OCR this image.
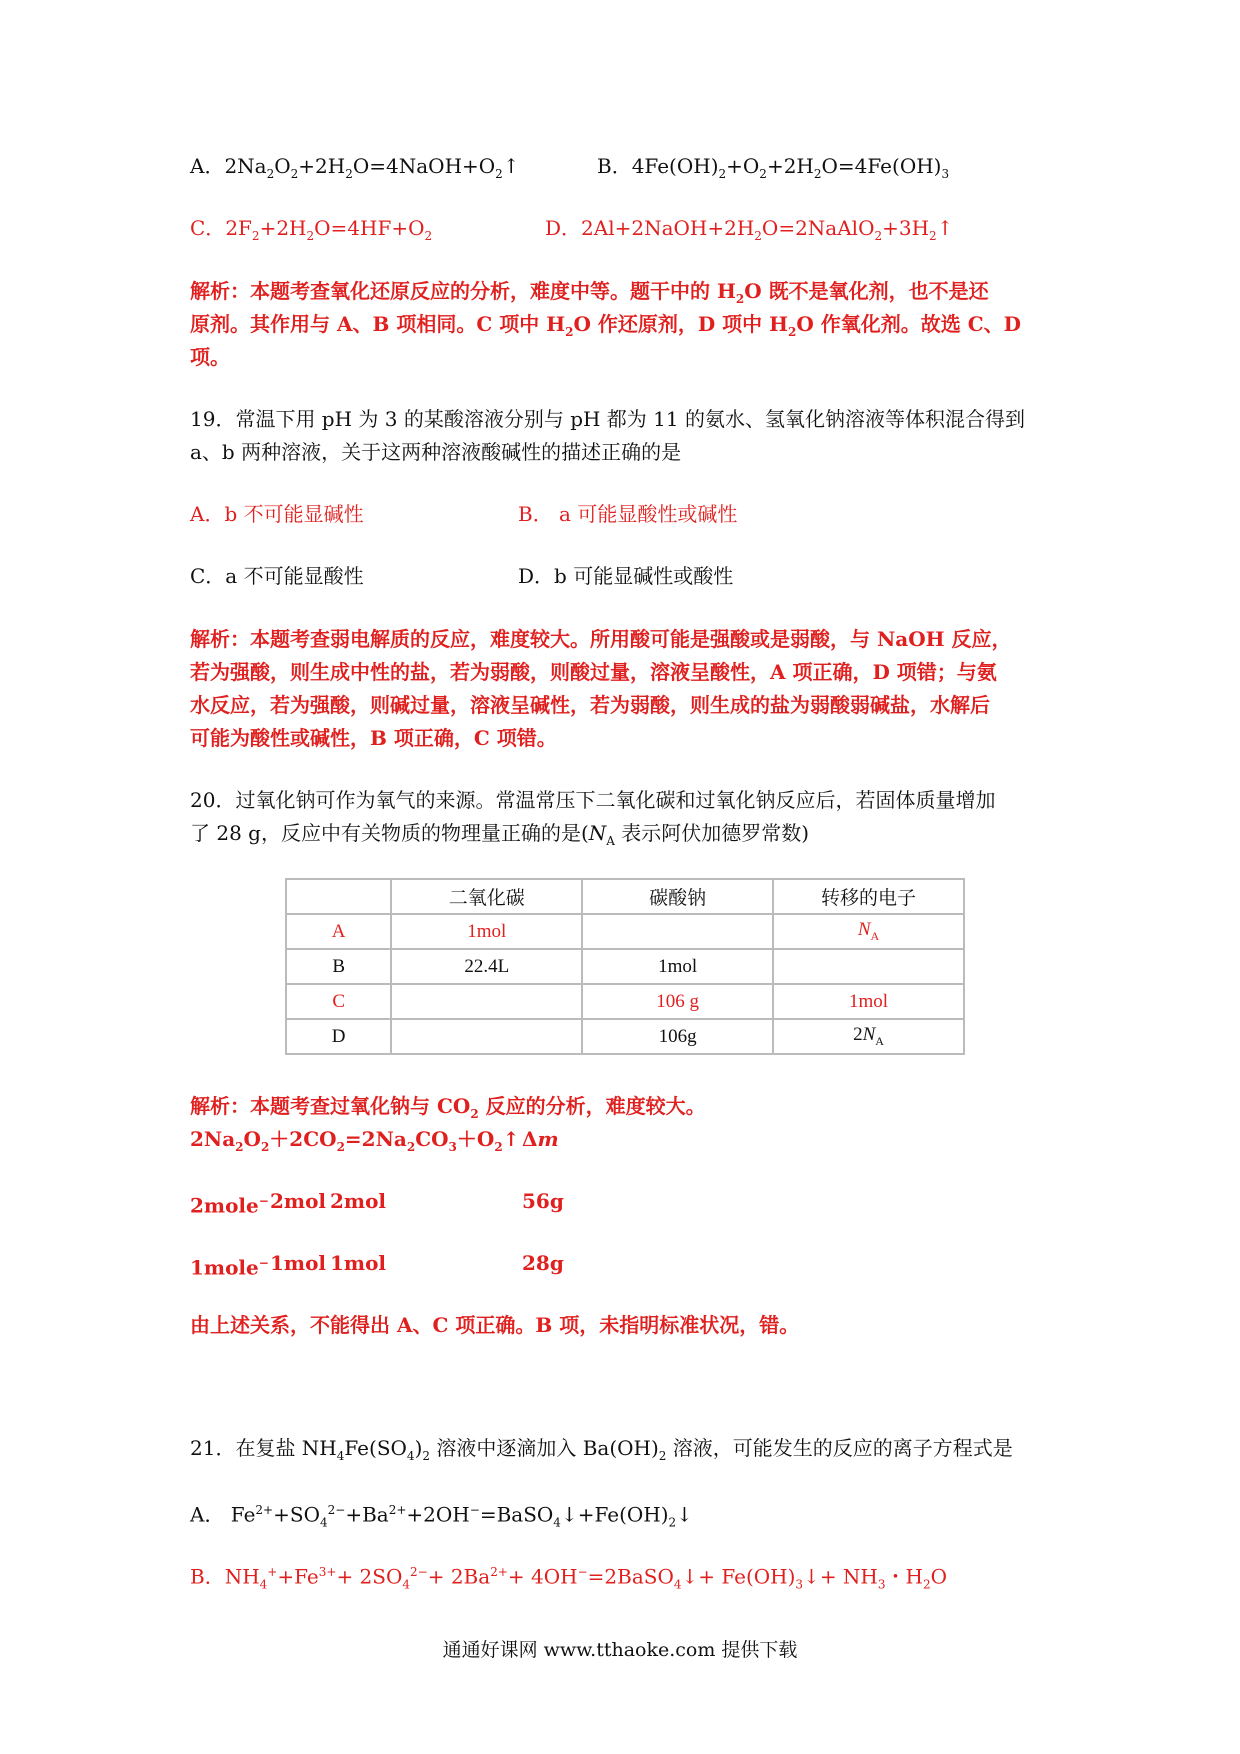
A．$2Na_2O_2+2H_2O=4NaOH+O_2↑$	B．$4Fe(OH)_2+O_2+2H_2O=4Fe(OH)_3$
C．$2F_2+2H_2O=4HF+O_2$	D．$2Al+2NaOH+2H_2O=2NaAlO_2+3H_2↑$
解析：本题考查氧化还原反应的分析，难度中等。题干中的 $H_2O$ 既不是氧化剂，也不是还
原剂。其作用与 A、B 项相同。C 项中 $H_2O$ 作还原剂，D 项中 $H_2O$ 作氧化剂。故选 C、D
项。
19．常温下用 pH 为 3 的某酸溶液分别与 pH 都为 11 的氨水、氢氧化钠溶液等体积混合得到
a、b 两种溶液，关于这两种溶液酸碱性的描述正确的是
A．b 不可能显碱性	B． a 可能显酸性或碱性
C．a 不可能显酸性	D．b 可能显碱性或酸性
解析：本题考查弱电解质的反应，难度较大。所用酸可能是强酸或是弱酸，与 NaOH 反应，
若为强酸，则生成中性的盐，若为弱酸，则酸过量，溶液呈酸性，A 项正确，D 项错；与氨
水反应，若为强酸，则碱过量，溶液呈碱性，若为弱酸，则生成的盐为弱酸弱碱盐，水解后
可能为酸性或碱性，B 项正确，C 项错。
20．过氧化钠可作为氧气的来源。常温常压下二氧化碳和过氧化钠反应后，若固体质量增加
了 28 g，反应中有关物质的物理量正确的是($N_A$ 表示阿伏加德罗常数)
	二氧化碳	碳酸钠	转移的电子
A	1mol		$N_A$
B	22.4L	1mol	
C		106 g	1mol
D		106g	$2N_A$
解析：本题考查过氧化钠与 $CO_2$ 反应的分析，难度较大。
$2Na_2O_2+2CO_2=2Na_2CO_3+O_2↑$ Δm
2mole− 2mol 2mol	56g
1mole− 1mol 1mol	28g
由上述关系，不能得出 A、C 项正确。B 项，未指明标准状况，错。
21．在复盐 $NH_4Fe(SO_4)_2$ 溶液中逐滴加入 $Ba(OH)_2$ 溶液，可能发生的反应的离子方程式是
A． $Fe^{2+}+SO_4^{2-}+Ba^{2+}+2OH^-=BaSO_4↓+Fe(OH)_2↓$
B．$NH_4^++Fe^{3+}+ 2SO_4^{2-}+ 2Ba^{2+}+$ 4OH−=2BaSO$_4$↓+ $Fe(OH)_3↓+ NH_3$・$H_2O$
通通好课网 www.tthaoke.com 提供下载
